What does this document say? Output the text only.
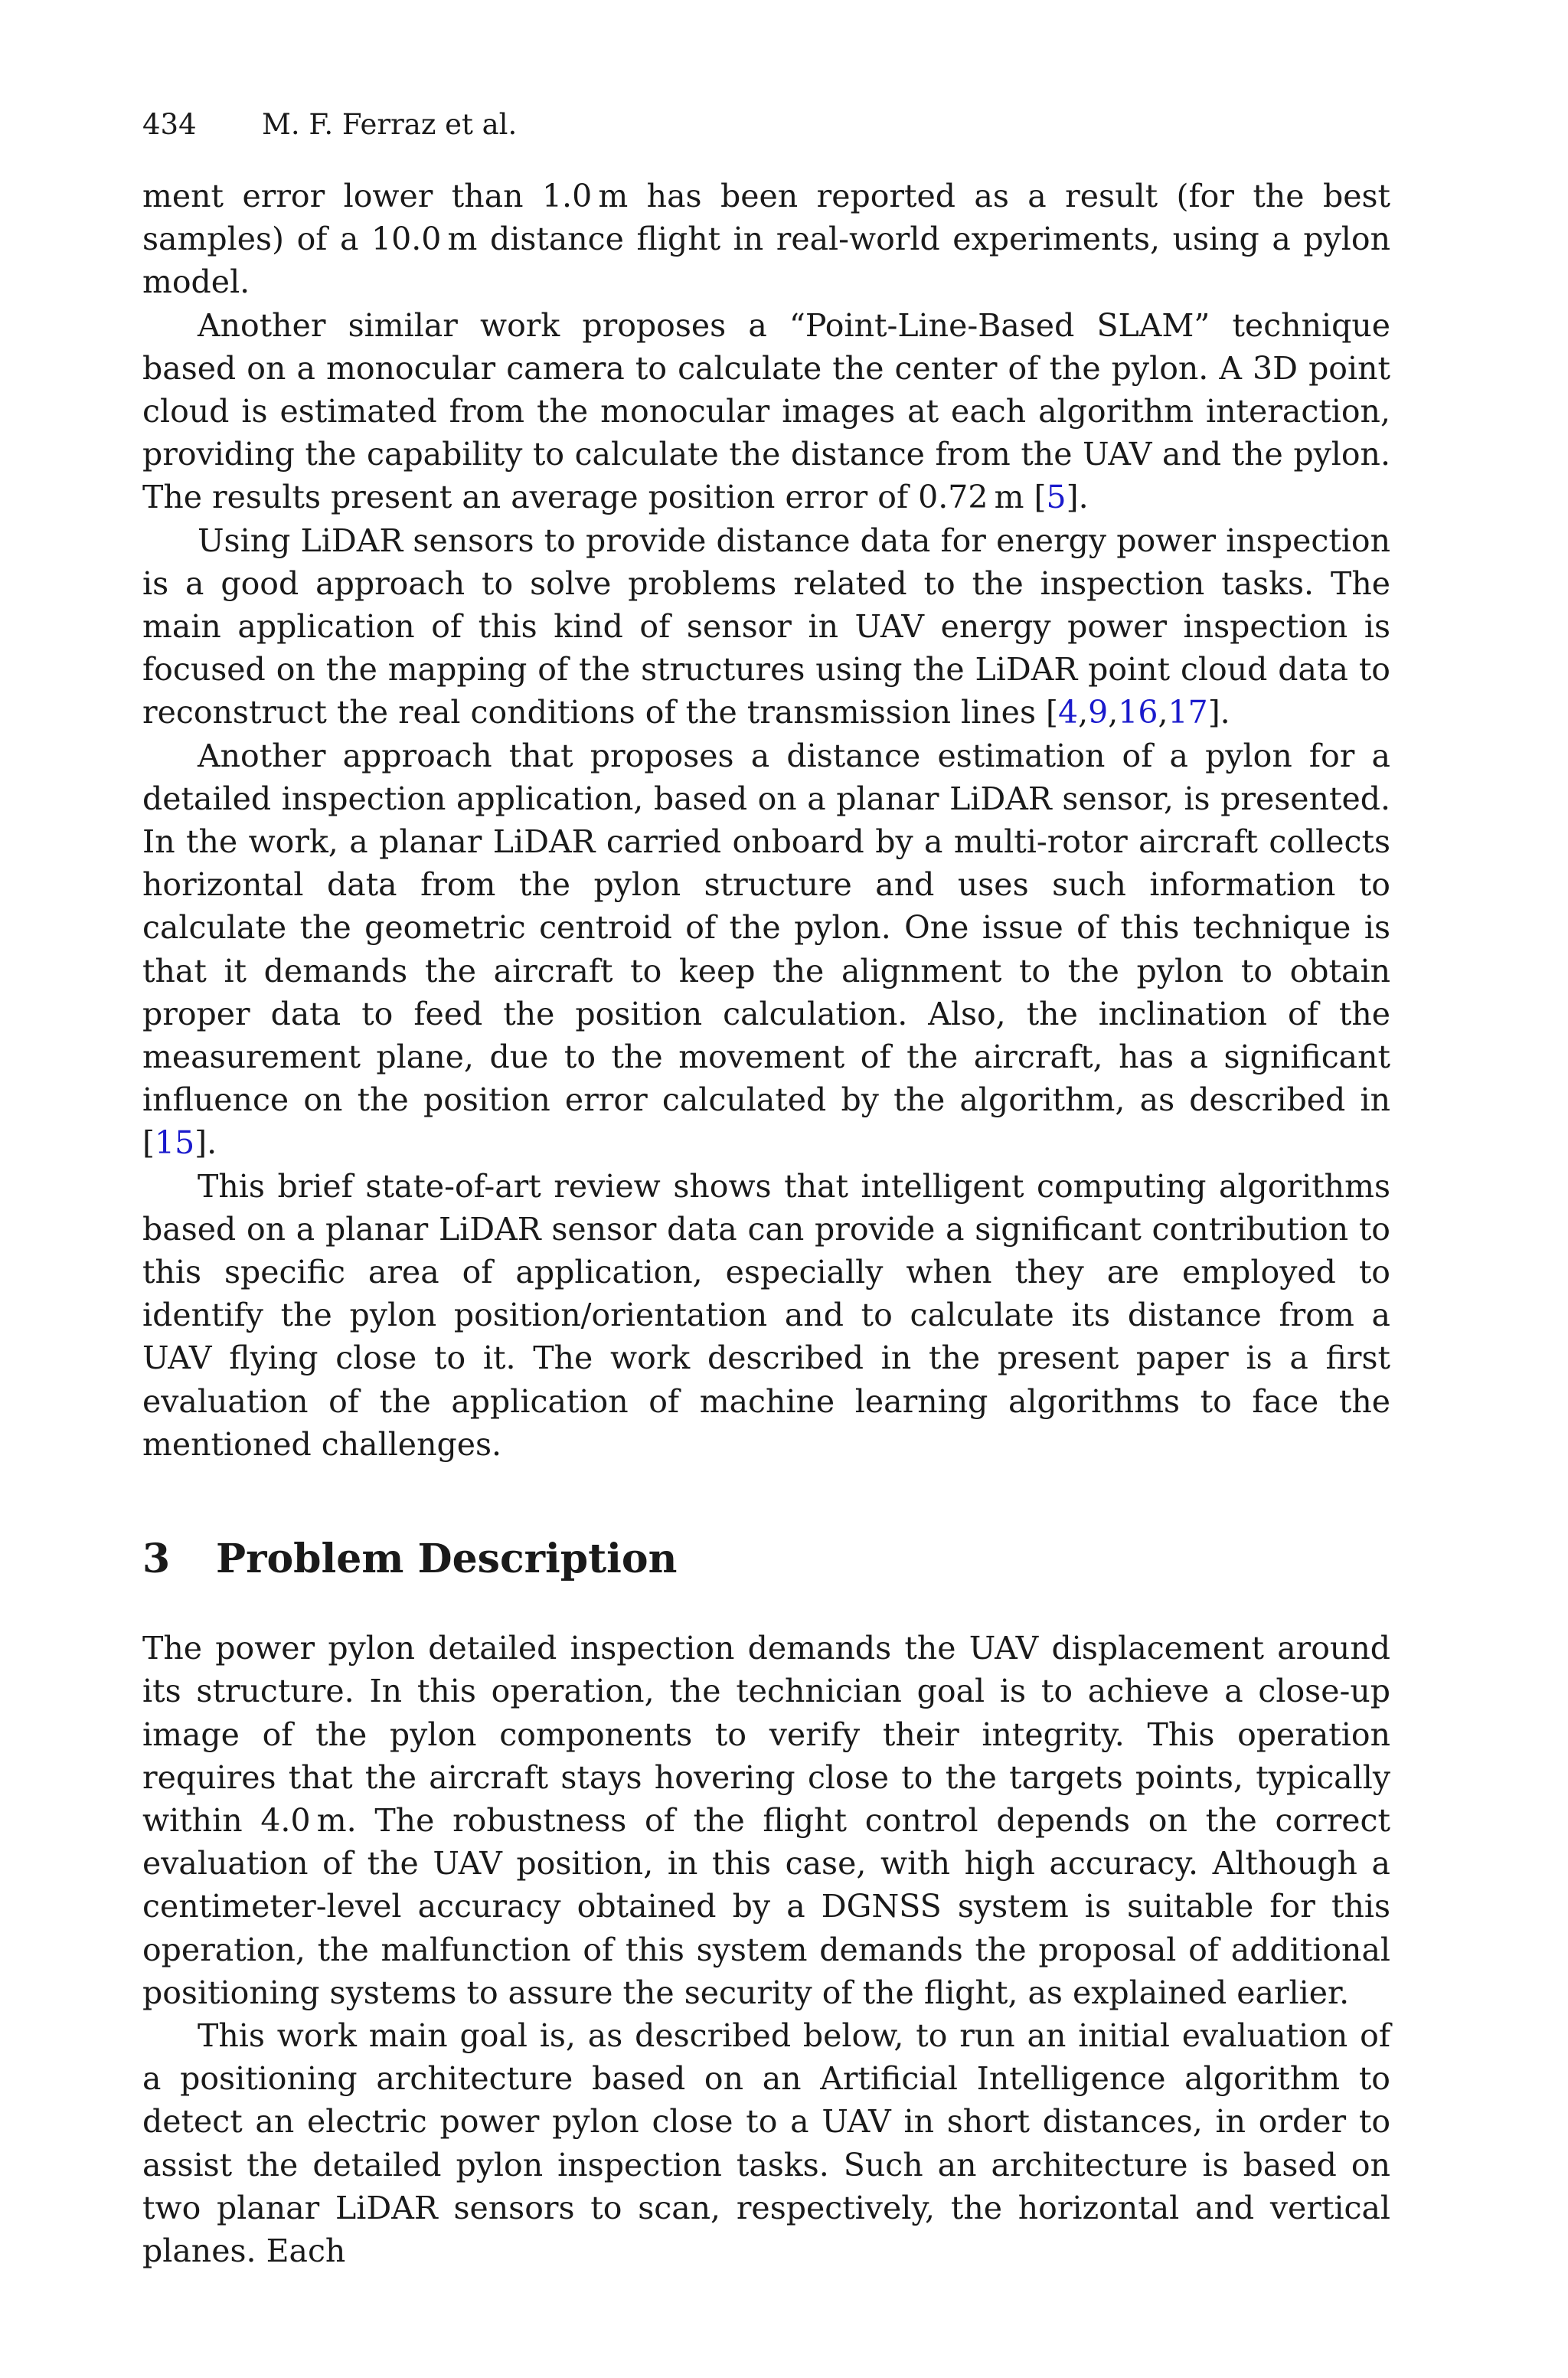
434 M. F. Ferraz et al.

ment error lower than 1.0 m has been reported as a result (for the best samples) of a 10.0 m distance flight in real-world experiments, using a pylon model.

Another similar work proposes a “Point-Line-Based SLAM” technique based on a monocular camera to calculate the center of the pylon. A 3D point cloud is estimated from the monocular images at each algorithm interaction, providing the capability to calculate the distance from the UAV and the pylon. The results present an average position error of 0.72 m [5].

Using LiDAR sensors to provide distance data for energy power inspection is a good approach to solve problems related to the inspection tasks. The main application of this kind of sensor in UAV energy power inspection is focused on the mapping of the structures using the LiDAR point cloud data to reconstruct the real conditions of the transmission lines [4,9,16,17].

Another approach that proposes a distance estimation of a pylon for a detailed inspection application, based on a planar LiDAR sensor, is presented. In the work, a planar LiDAR carried onboard by a multi-rotor aircraft collects horizontal data from the pylon structure and uses such information to calculate the geometric centroid of the pylon. One issue of this technique is that it demands the aircraft to keep the alignment to the pylon to obtain proper data to feed the position calculation. Also, the inclination of the measurement plane, due to the movement of the aircraft, has a significant influence on the position error calculated by the algorithm, as described in [15].

This brief state-of-art review shows that intelligent computing algorithms based on a planar LiDAR sensor data can provide a significant contribution to this specific area of application, especially when they are employed to identify the pylon position/orientation and to calculate its distance from a UAV flying close to it. The work described in the present paper is a first evaluation of the application of machine learning algorithms to face the mentioned challenges.

3 Problem Description

The power pylon detailed inspection demands the UAV displacement around its structure. In this operation, the technician goal is to achieve a close-up image of the pylon components to verify their integrity. This operation requires that the aircraft stays hovering close to the targets points, typically within 4.0 m. The robustness of the flight control depends on the correct evaluation of the UAV position, in this case, with high accuracy. Although a centimeter-level accuracy obtained by a DGNSS system is suitable for this operation, the malfunction of this system demands the proposal of additional positioning systems to assure the security of the flight, as explained earlier.

This work main goal is, as described below, to run an initial evaluation of a positioning architecture based on an Artificial Intelligence algorithm to detect an electric power pylon close to a UAV in short distances, in order to assist the detailed pylon inspection tasks. Such an architecture is based on two planar LiDAR sensors to scan, respectively, the horizontal and vertical planes. Each
